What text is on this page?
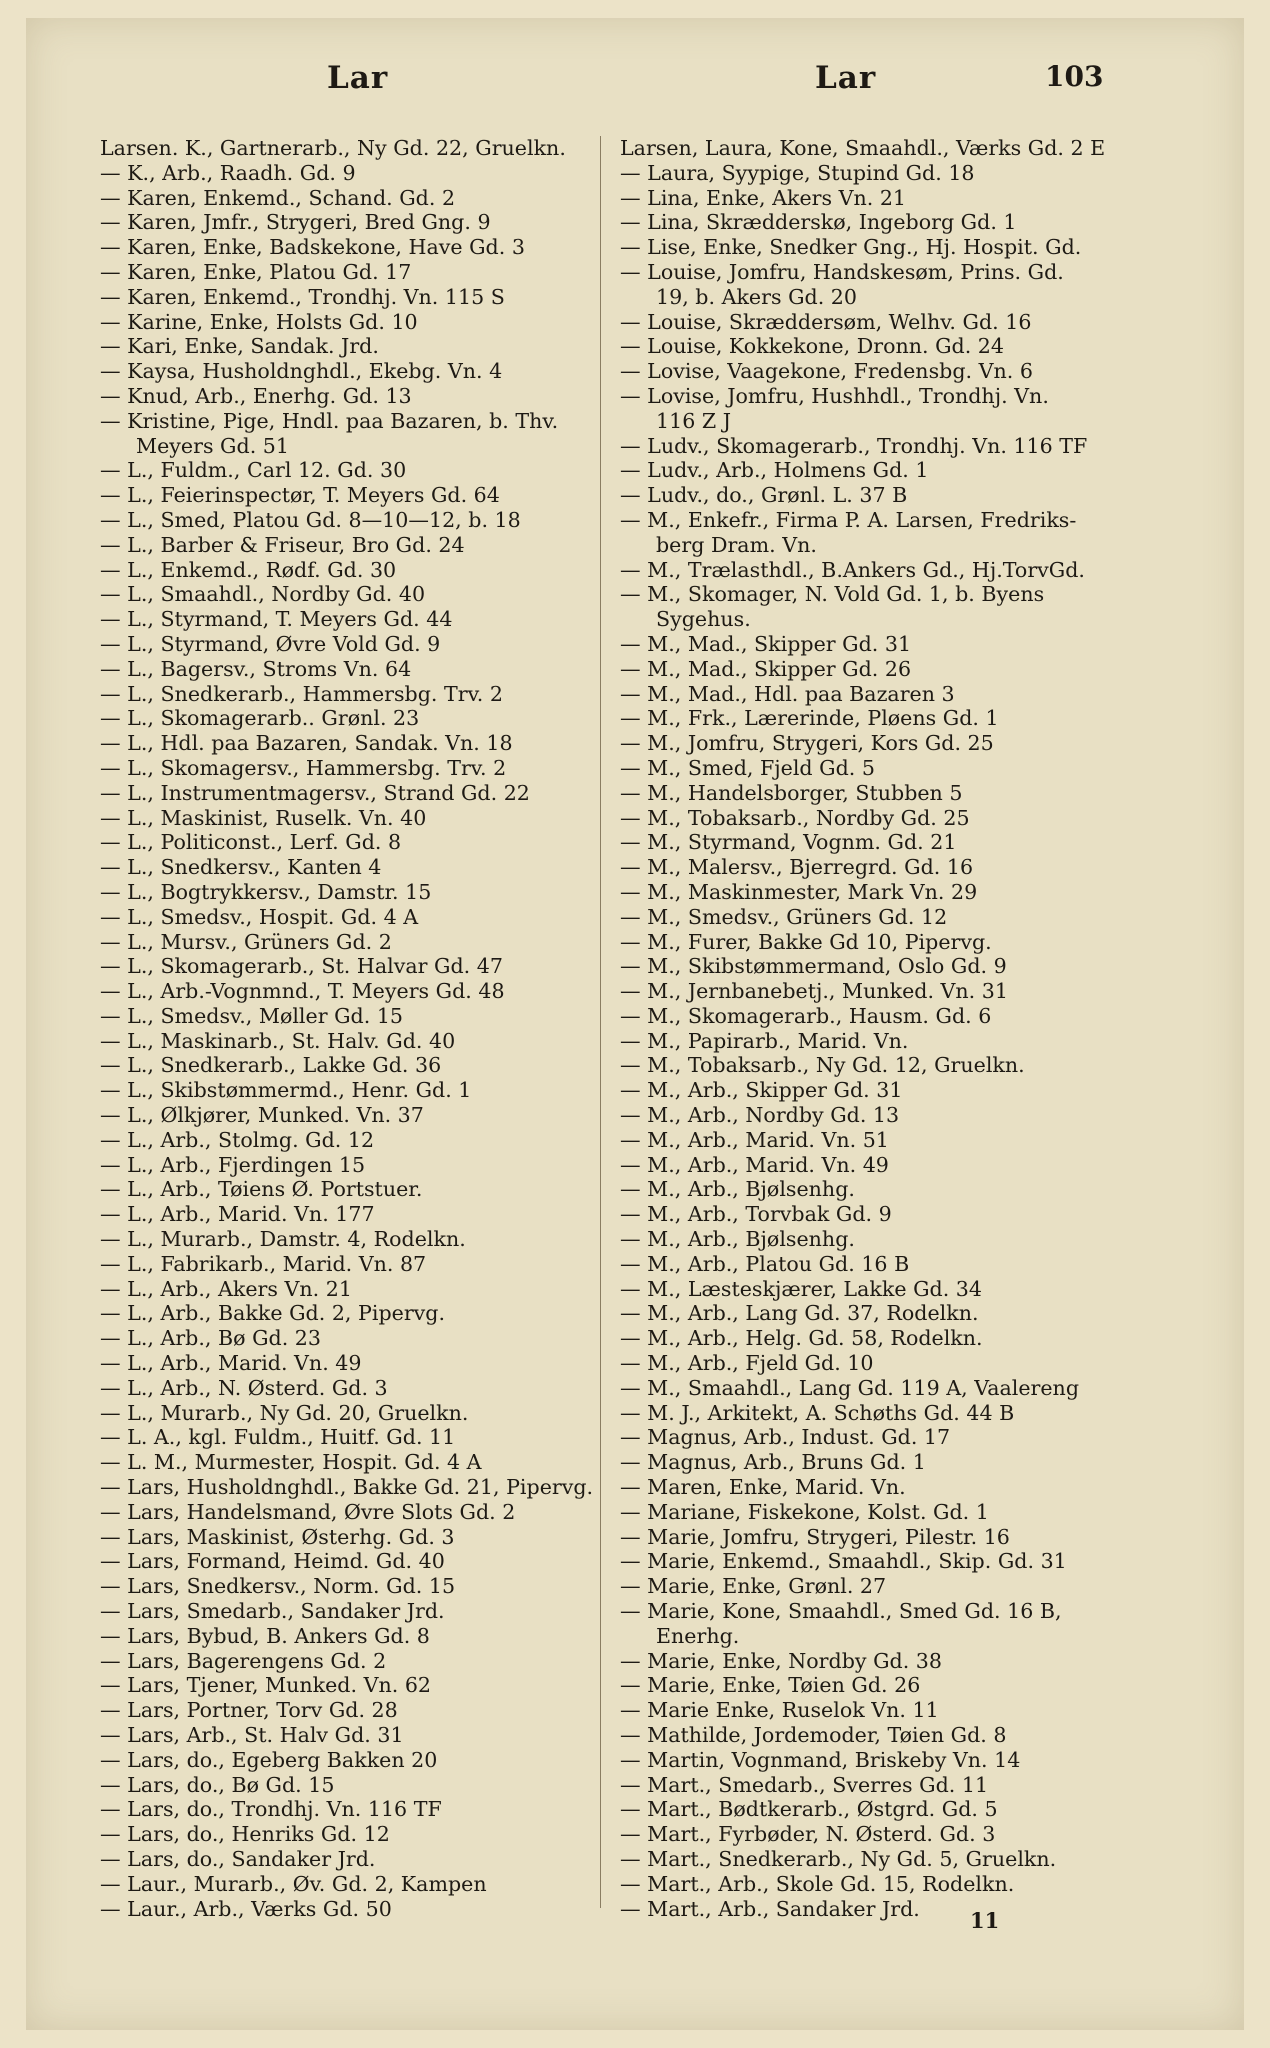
Lar	Lar	103
Larsen. K., Gartnerarb., Ny Gd. 22, Gruelkn.
— K., Arb., Raadh. Gd. 9
— Karen, Enkemd., Schand. Gd. 2
— Karen, Jmfr., Strygeri, Bred Gng. 9
— Karen, Enke, Badskekone, Have Gd. 3
— Karen, Enke, Platou Gd. 17
— Karen, Enkemd., Trondhj. Vn. 115 S
— Karine, Enke, Holsts Gd. 10
— Kari, Enke, Sandak. Jrd.
— Kaysa, Husholdnghdl., Ekebg. Vn. 4
— Knud, Arb., Enerhg. Gd. 13
— Kristine, Pige, Hndl. paa Bazaren, b. Thv.
Meyers Gd. 51
— L., Fuldm., Carl 12. Gd. 30
— L., Feierinspectør, T. Meyers Gd. 64
— L., Smed, Platou Gd. 8—10—12, b. 18
— L., Barber & Friseur, Bro Gd. 24
— L., Enkemd., Rødf. Gd. 30
— L., Smaahdl., Nordby Gd. 40
— L., Styrmand, T. Meyers Gd. 44
— L., Styrmand, Øvre Vold Gd. 9
— L., Bagersv., Stroms Vn. 64
— L., Snedkerarb., Hammersbg. Trv. 2
— L., Skomagerarb.. Grønl. 23
— L., Hdl. paa Bazaren, Sandak. Vn. 18
— L., Skomagersv., Hammersbg. Trv. 2
— L., Instrumentmagersv., Strand Gd. 22
— L., Maskinist, Ruselk. Vn. 40
— L., Politiconst., Lerf. Gd. 8
— L., Snedkersv., Kanten 4
— L., Bogtrykkersv., Damstr. 15
— L., Smedsv., Hospit. Gd. 4 A
— L., Mursv., Grüners Gd. 2
— L., Skomagerarb., St. Halvar Gd. 47
— L., Arb.-Vognmnd., T. Meyers Gd. 48
— L., Smedsv., Møller Gd. 15
— L., Maskinarb., St. Halv. Gd. 40
— L., Snedkerarb., Lakke Gd. 36
— L., Skibstømmermd., Henr. Gd. 1
— L., Ølkjører, Munked. Vn. 37
— L., Arb., Stolmg. Gd. 12
— L., Arb., Fjerdingen 15
— L., Arb., Tøiens Ø. Portstuer.
— L., Arb., Marid. Vn. 177
— L., Murarb., Damstr. 4, Rodelkn.
— L., Fabrikarb., Marid. Vn. 87
— L., Arb., Akers Vn. 21
— L., Arb., Bakke Gd. 2, Pipervg.
— L., Arb., Bø Gd. 23
— L., Arb., Marid. Vn. 49
— L., Arb., N. Østerd. Gd. 3
— L., Murarb., Ny Gd. 20, Gruelkn.
— L. A., kgl. Fuldm., Huitf. Gd. 11
— L. M., Murmester, Hospit. Gd. 4 A
— Lars, Husholdnghdl., Bakke Gd. 21, Pipervg.
— Lars, Handelsmand, Øvre Slots Gd. 2
— Lars, Maskinist, Østerhg. Gd. 3
— Lars, Formand, Heimd. Gd. 40
— Lars, Snedkersv., Norm. Gd. 15
— Lars, Smedarb., Sandaker Jrd.
— Lars, Bybud, B. Ankers Gd. 8
— Lars, Bagerengens Gd. 2
— Lars, Tjener, Munked. Vn. 62
— Lars, Portner, Torv Gd. 28
— Lars, Arb., St. Halv Gd. 31
— Lars, do., Egeberg Bakken 20
— Lars, do., Bø Gd. 15
— Lars, do., Trondhj. Vn. 116 TF
— Lars, do., Henriks Gd. 12
— Lars, do., Sandaker Jrd.
— Laur., Murarb., Øv. Gd. 2, Kampen
— Laur., Arb., Værks Gd. 50
Larsen, Laura, Kone, Smaahdl., Værks Gd. 2 E
— Laura, Syypige, Stupind Gd. 18
— Lina, Enke, Akers Vn. 21
— Lina, Skrædderskø, Ingeborg Gd. 1
— Lise, Enke, Snedker Gng., Hj. Hospit. Gd.
— Louise, Jomfru, Handskesøm, Prins. Gd.
19, b. Akers Gd. 20
— Louise, Skræddersøm, Welhv. Gd. 16
— Louise, Kokkekone, Dronn. Gd. 24
— Lovise, Vaagekone, Fredensbg. Vn. 6
— Lovise, Jomfru, Hushhdl., Trondhj. Vn.
116 Z J
— Ludv., Skomagerarb., Trondhj. Vn. 116 TF
— Ludv., Arb., Holmens Gd. 1
— Ludv., do., Grønl. L. 37 B
— M., Enkefr., Firma P. A. Larsen, Fredriks-
berg Dram. Vn.
— M., Trælasthdl., B.Ankers Gd., Hj.TorvGd.
— M., Skomager, N. Vold Gd. 1, b. Byens
Sygehus.
— M., Mad., Skipper Gd. 31
— M., Mad., Skipper Gd. 26
— M., Mad., Hdl. paa Bazaren 3
— M., Frk., Lærerinde, Pløens Gd. 1
— M., Jomfru, Strygeri, Kors Gd. 25
— M., Smed, Fjeld Gd. 5
— M., Handelsborger, Stubben 5
— M., Tobaksarb., Nordby Gd. 25
— M., Styrmand, Vognm. Gd. 21
— M., Malersv., Bjerregrd. Gd. 16
— M., Maskinmester, Mark Vn. 29
— M., Smedsv., Grüners Gd. 12
— M., Furer, Bakke Gd 10, Pipervg.
— M., Skibstømmermand, Oslo Gd. 9
— M., Jernbanebetj., Munked. Vn. 31
— M., Skomagerarb., Hausm. Gd. 6
— M., Papirarb., Marid. Vn.
— M., Tobaksarb., Ny Gd. 12, Gruelkn.
— M., Arb., Skipper Gd. 31
— M., Arb., Nordby Gd. 13
— M., Arb., Marid. Vn. 51
— M., Arb., Marid. Vn. 49
— M., Arb., Bjølsenhg.
— M., Arb., Torvbak Gd. 9
— M., Arb., Bjølsenhg.
— M., Arb., Platou Gd. 16 B
— M., Læsteskjærer, Lakke Gd. 34
— M., Arb., Lang Gd. 37, Rodelkn.
— M., Arb., Helg. Gd. 58, Rodelkn.
— M., Arb., Fjeld Gd. 10
— M., Smaahdl., Lang Gd. 119 A, Vaalereng
— M. J., Arkitekt, A. Schøths Gd. 44 B
— Magnus, Arb., Indust. Gd. 17
— Magnus, Arb., Bruns Gd. 1
— Maren, Enke, Marid. Vn.
— Mariane, Fiskekone, Kolst. Gd. 1
— Marie, Jomfru, Strygeri, Pilestr. 16
— Marie, Enkemd., Smaahdl., Skip. Gd. 31
— Marie, Enke, Grønl. 27
— Marie, Kone, Smaahdl., Smed Gd. 16 B,
Enerhg.
— Marie, Enke, Nordby Gd. 38
— Marie, Enke, Tøien Gd. 26
— Marie Enke, Ruselok Vn. 11
— Mathilde, Jordemoder, Tøien Gd. 8
— Martin, Vognmand, Briskeby Vn. 14
— Mart., Smedarb., Sverres Gd. 11
— Mart., Bødtkerarb., Østgrd. Gd. 5
— Mart., Fyrbøder, N. Østerd. Gd. 3
— Mart., Snedkerarb., Ny Gd. 5, Gruelkn.
— Mart., Arb., Skole Gd. 15, Rodelkn.
— Mart., Arb., Sandaker Jrd.	11
